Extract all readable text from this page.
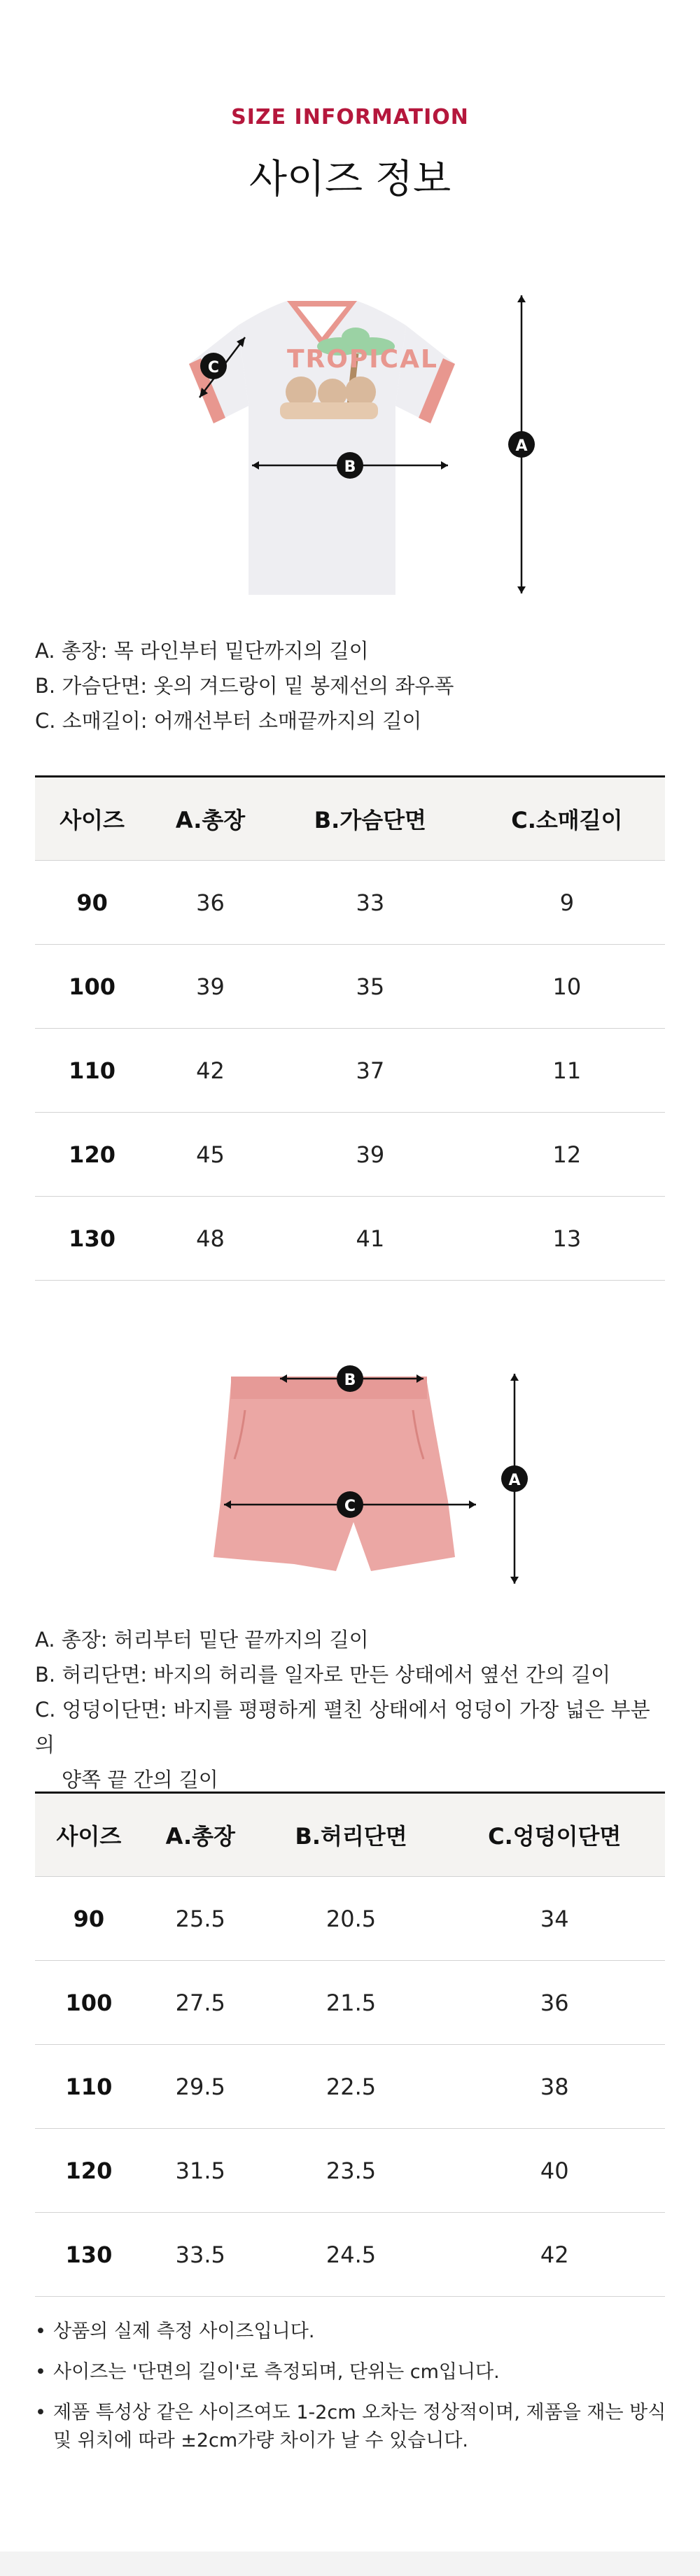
SIZE INFORMATION
사이즈 정보
TROPICAL
B
C
A

A. 총장: 목 라인부터 밑단까지의 길이

B. 가슴단면: 옷의 겨드랑이 밑 봉제선의 좌우폭

C. 소매길이: 어깨선부터 소매끝까지의 길이

사이즈	A.총장	B.가슴단면	C.소매길이
90	36	33	9
100	39	35	10
110	42	37	11
120	45	39	12
130	48	41	13
B
C
A

A. 총장: 허리부터 밑단 끝까지의 길이

B. 허리단면: 바지의 허리를 일자로 만든 상태에서 옆선 간의 길이

C. 엉덩이단면: 바지를 평평하게 펼친 상태에서 엉덩이 가장 넓은 부분의

양쪽 끝 간의 길이

사이즈	A.총장	B.허리단면	C.엉덩이단면
90	25.5	20.5	34
100	27.5	21.5	36
110	29.5	22.5	38
120	31.5	23.5	40
130	33.5	24.5	42
• 상품의 실제 측정 사이즈입니다.
• 사이즈는 '단면의 길이'로 측정되며, 단위는 cm입니다.
• 제품 특성상 같은 사이즈여도 1-2cm 오차는 정상적이며, 제품을 재는 방식 및 위치에 따라 ±2cm가량 차이가 날 수 있습니다.
